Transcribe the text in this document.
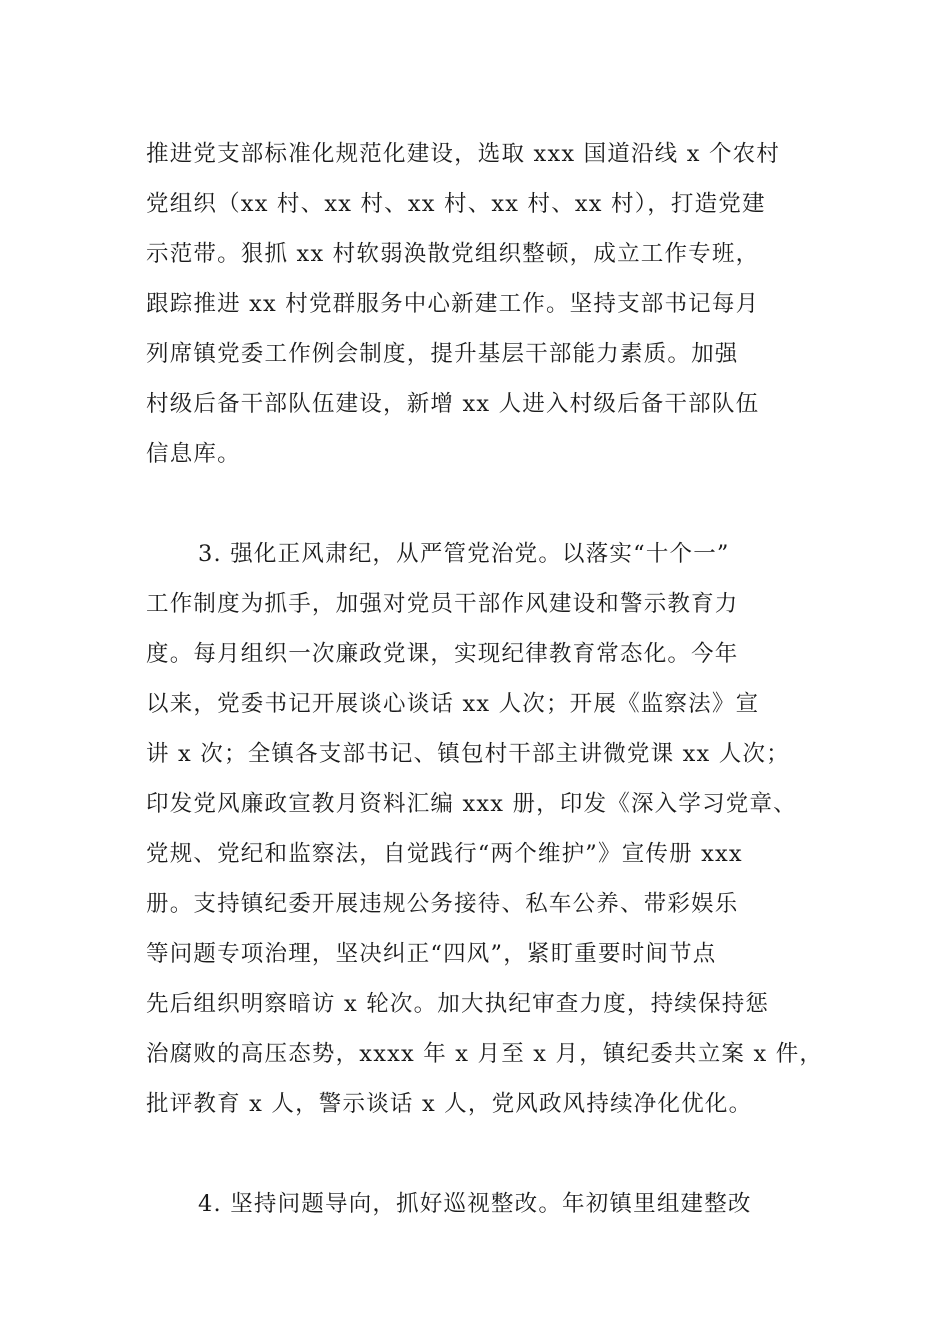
推进党支部标准化规范化建设，选取 xxx 国道沿线 x 个农村
党组织（xx 村、xx 村、xx 村、xx 村、xx 村），打造党建
示范带。狠抓 xx 村软弱涣散党组织整顿，成立工作专班，
跟踪推进 xx 村党群服务中心新建工作。坚持支部书记每月
列席镇党委工作例会制度，提升基层干部能力素质。加强
村级后备干部队伍建设，新增 xx 人进入村级后备干部队伍
信息库。
3. 强化正风肃纪，从严管党治党。以落实“十个一”
工作制度为抓手，加强对党员干部作风建设和警示教育力
度。每月组织一次廉政党课，实现纪律教育常态化。今年
以来，党委书记开展谈心谈话 xx 人次；开展《监察法》宣
讲 x 次；全镇各支部书记、镇包村干部主讲微党课 xx 人次；
印发党风廉政宣教月资料汇编 xxx 册，印发《深入学习党章、
党规、党纪和监察法，自觉践行“两个维护”》宣传册 xxx
册。支持镇纪委开展违规公务接待、私车公养、带彩娱乐
等问题专项治理，坚决纠正“四风”，紧盯重要时间节点
先后组织明察暗访 x 轮次。加大执纪审查力度，持续保持惩
治腐败的高压态势，xxxx 年 x 月至 x 月，镇纪委共立案 x 件，
批评教育 x 人，警示谈话 x 人，党风政风持续净化优化。
4. 坚持问题导向，抓好巡视整改。年初镇里组建整改
